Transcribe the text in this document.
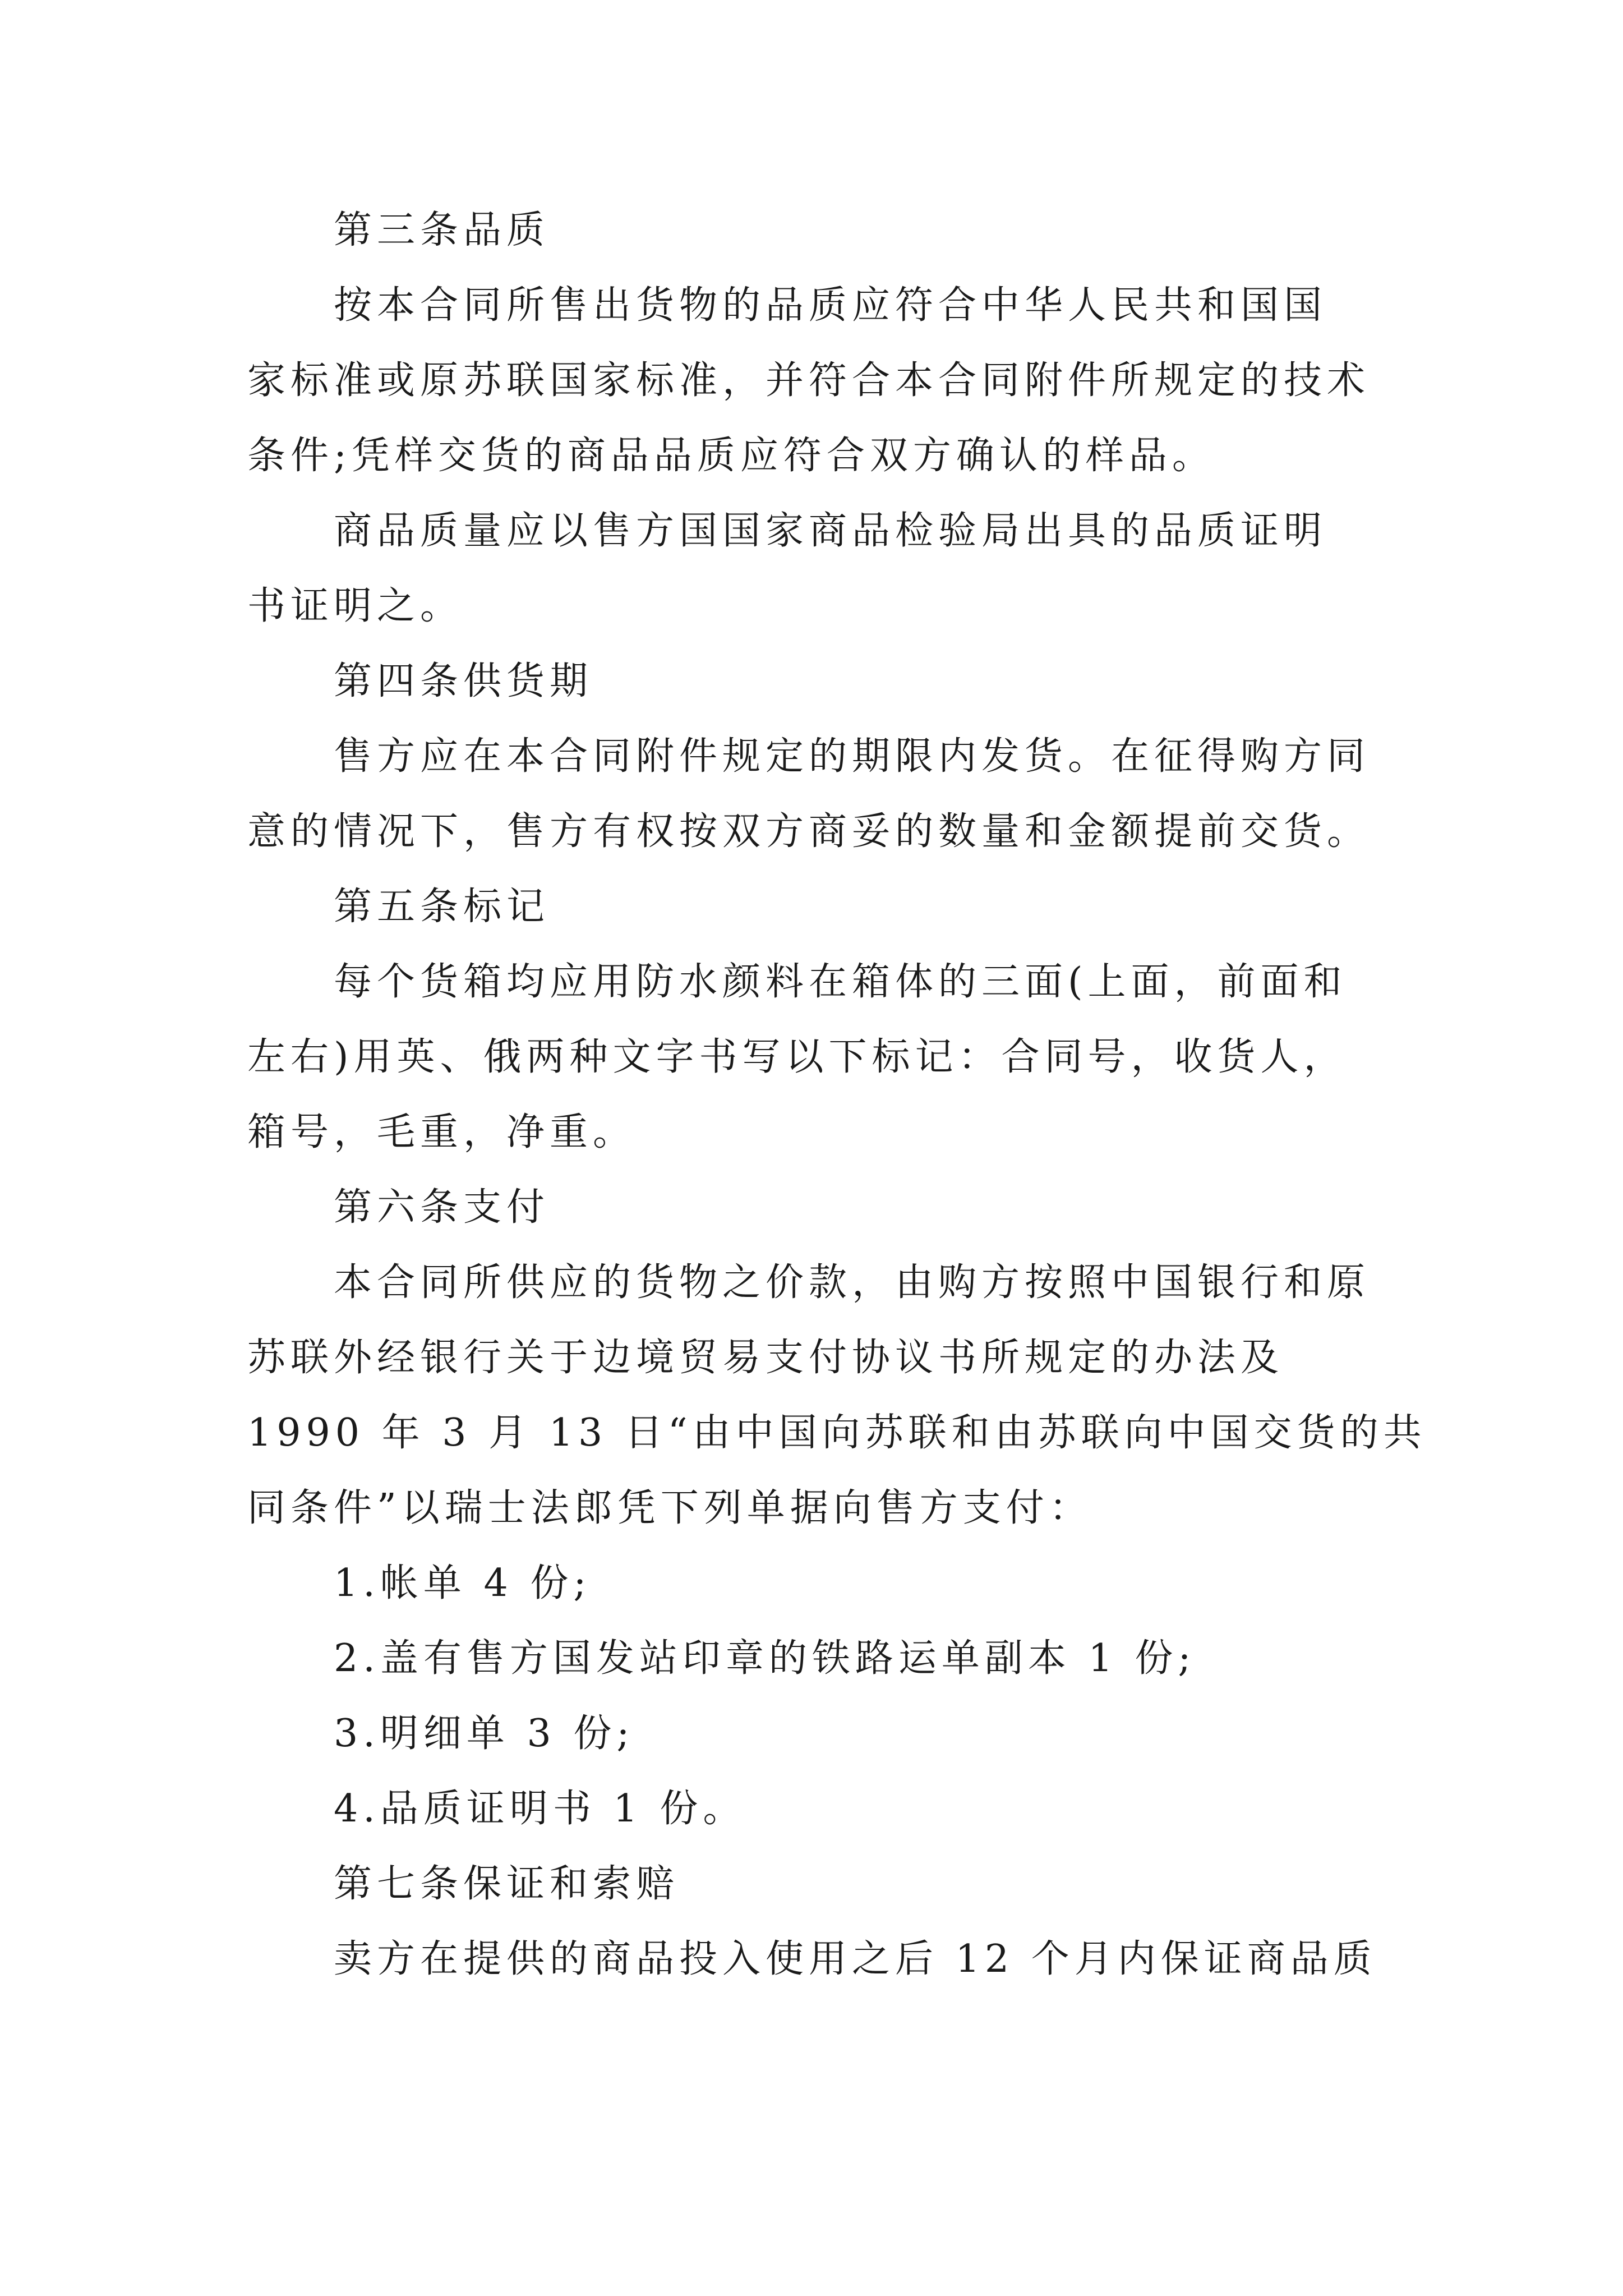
第三条品质
按本合同所售出货物的品质应符合中华人民共和国国
家标准或原苏联国家标准，并符合本合同附件所规定的技术
条件;凭样交货的商品品质应符合双方确认的样品。
商品质量应以售方国国家商品检验局出具的品质证明
书证明之。
第四条供货期
售方应在本合同附件规定的期限内发货。在征得购方同
意的情况下，售方有权按双方商妥的数量和金额提前交货。
第五条标记
每个货箱均应用防水颜料在箱体的三面(上面，前面和
左右)用英、俄两种文字书写以下标记：合同号，收货人，
箱号，毛重，净重。
第六条支付
本合同所供应的货物之价款，由购方按照中国银行和原
苏联外经银行关于边境贸易支付协议书所规定的办法及
1990 年 3 月 13 日“由中国向苏联和由苏联向中国交货的共
同条件”以瑞士法郎凭下列单据向售方支付：
1.帐单 4 份;
2.盖有售方国发站印章的铁路运单副本 1 份;
3.明细单 3 份;
4.品质证明书 1 份。
第七条保证和索赔
卖方在提供的商品投入使用之后 12 个月内保证商品质
